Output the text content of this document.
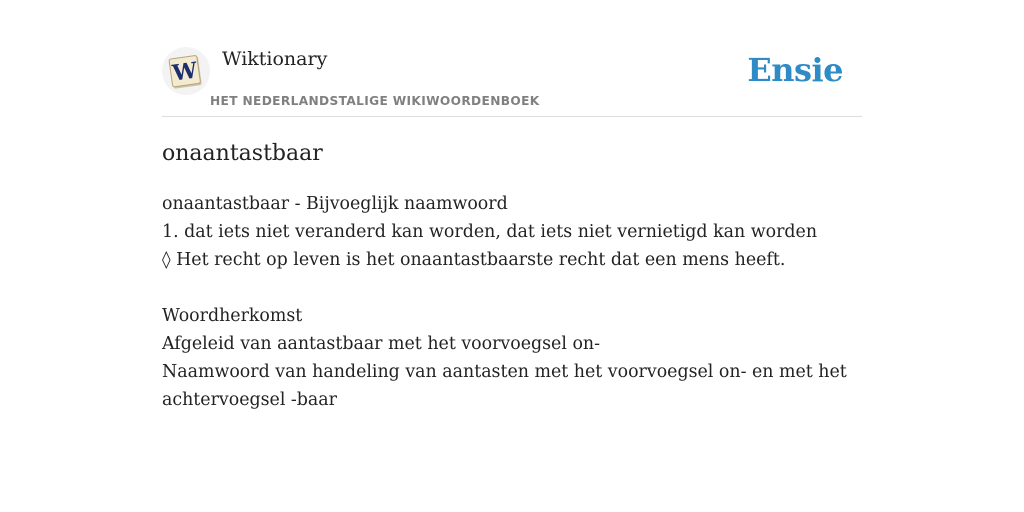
W Wiktionary
HET NEDERLANDSTALIGE WIKIWOORDENBOEK
Ensie
onaantastbaar
onaantastbaar - Bijvoeglijk naamwoord
1. dat iets niet veranderd kan worden, dat iets niet vernietigd kan worden
◊ Het recht op leven is het onaantastbaarste recht dat een mens heeft.
Woordherkomst
Afgeleid van aantastbaar met het voorvoegsel on-
Naamwoord van handeling van aantasten met het voorvoegsel on- en met het
achtervoegsel -baar
